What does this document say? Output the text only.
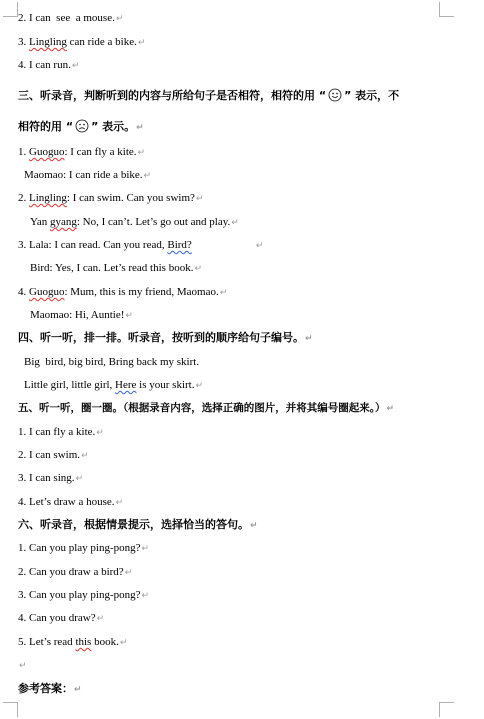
2. I can  see  a mouse.↵
3. Lingling can ride a bike.↵
4. I can run.↵
三、听录音，判断听到的内容与所给句子是否相符，相符的用 “ ” 表示，不
相符的用 “ ” 表示。↵
1. Guoguo: I can fly a kite.↵
Maomao: I can ride a bike.↵
2. Lingling: I can swim. Can you swim?↵
Yan gyang: No, I can’t. Let’s go out and play.↵
3. Lala: I can read. Can you read, Bird?	↵
Bird: Yes, I can. Let’s read this book.↵
4. Guoguo: Mum, this is my friend, Maomao.↵
Maomao: Hi, Auntie!↵
四、听一听，排一排。听录音，按听到的顺序给句子编号。↵
Big  bird, big bird, Bring back my skirt.
Little girl, little girl, Here is your skirt.↵
五、听一听，圈一圈。（根据录音内容，选择正确的图片，并将其编号圈起来。）↵
1. I can fly a kite.↵
2. I can swim.↵
3. I can sing.↵
4. Let’s draw a house.↵
六、听录音，根据情景提示，选择恰当的答句。↵
1. Can you play ping-pong?↵
2. Can you draw a bird?↵
3. Can you play ping-pong?↵
4. Can you draw?↵
5. Let’s read this book.↵
↵
参考答案：↵
